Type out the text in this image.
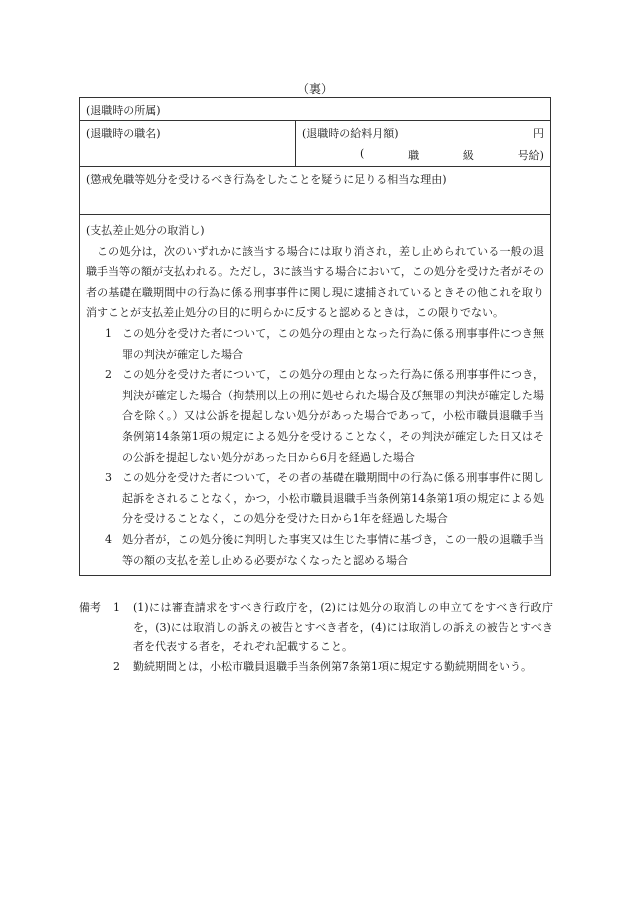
（裏）
(退職時の所属)
(退職時の職名)	(退職時の給料月額)	円
(	職	級	号給)
(懲戒免職等処分を受けるべき行為をしたことを疑うに足りる相当な理由)
(支払差止処分の取消し)

この処分は，次のいずれかに該当する場合には取り消され，差し止められている一般の退職手当等の額が支払われる。ただし，3に該当する場合において，この処分を受けた者がその者の基礎在職期間中の行為に係る刑事事件に関し現に逮捕されているときその他これを取り消すことが支払差止処分の目的に明らかに反すると認めるときは，この限りでない。

1 この処分を受けた者について，この処分の理由となった行為に係る刑事事件につき無罪の判決が確定した場合
2 この処分を受けた者について，この処分の理由となった行為に係る刑事事件につき，判決が確定した場合（拘禁刑以上の刑に処せられた場合及び無罪の判決が確定した場合を除く。）又は公訴を提起しない処分があった場合であって，小松市職員退職手当条例第14条第1項の規定による処分を受けることなく，その判決が確定した日又はその公訴を提起しない処分があった日から6月を経過した場合
3 この処分を受けた者について，その者の基礎在職期間中の行為に係る刑事事件に関し起訴をされることなく，かつ，小松市職員退職手当条例第14条第1項の規定による処分を受けることなく，この処分を受けた日から1年を経過した場合
4 処分者が，この処分後に判明した事実又は生じた事情に基づき，この一般の退職手当等の額の支払を差し止める必要がなくなったと認める場合
備考	1	(1)には審査請求をすべき行政庁を，(2)には処分の取消しの申立てをすべき行政庁を，(3)には取消しの訴えの被告とすべき者を，(4)には取消しの訴えの被告とすべき者を代表する者を，それぞれ記載すること。
2	勤続期間とは，小松市職員退職手当条例第7条第1項に規定する勤続期間をいう。
